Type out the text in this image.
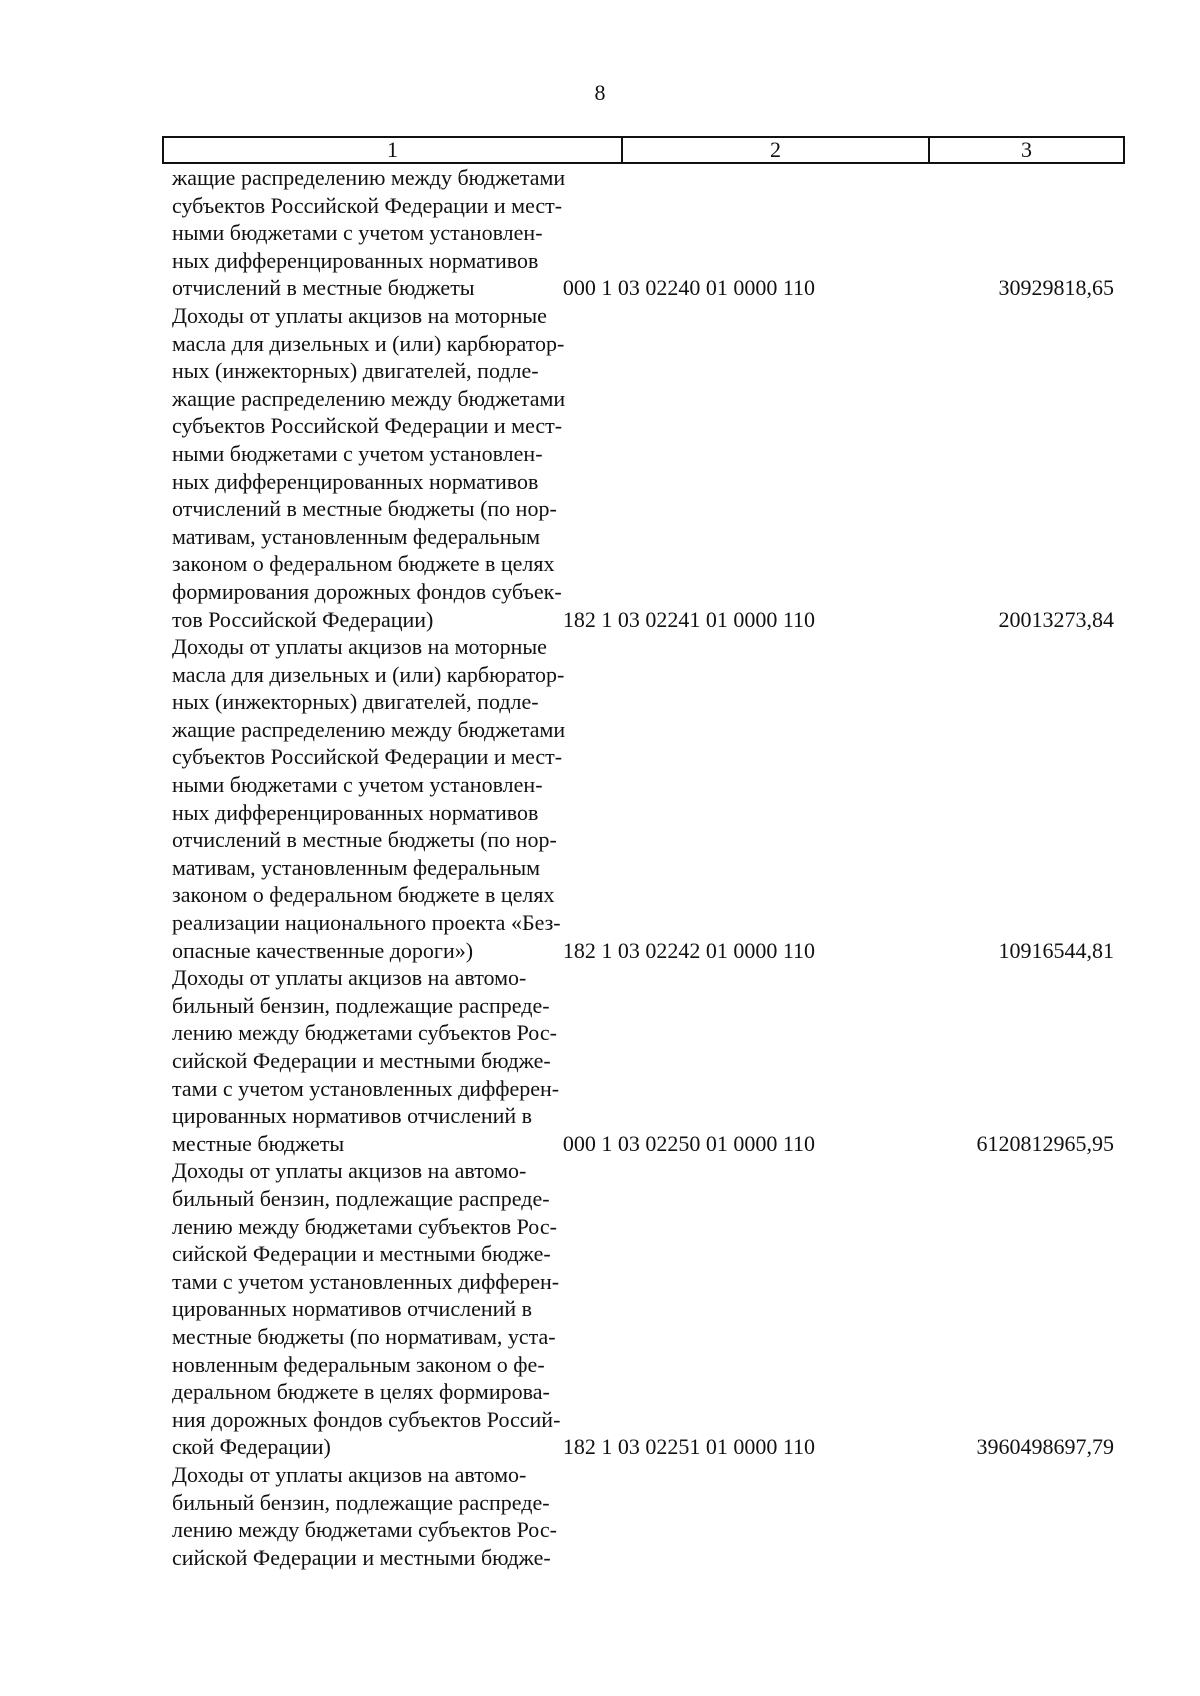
8
1	2	3
жащие распределению между бюджетами
субъектов Российской Федерации и мест-
ными бюджетами с учетом установлен-
ных дифференцированных нормативов
отчислений в местные бюджеты	000 1 03 02240 01 0000 110	30929818,65
Доходы от уплаты акцизов на моторные
масла для дизельных и (или) карбюратор-
ных (инжекторных) двигателей, подле-
жащие распределению между бюджетами
субъектов Российской Федерации и мест-
ными бюджетами с учетом установлен-
ных дифференцированных нормативов
отчислений в местные бюджеты (по нор-
мативам, установленным федеральным
законом о федеральном бюджете в целях
формирования дорожных фондов субъек-
тов Российской Федерации)	182 1 03 02241 01 0000 110	20013273,84
Доходы от уплаты акцизов на моторные
масла для дизельных и (или) карбюратор-
ных (инжекторных) двигателей, подле-
жащие распределению между бюджетами
субъектов Российской Федерации и мест-
ными бюджетами с учетом установлен-
ных дифференцированных нормативов
отчислений в местные бюджеты (по нор-
мативам, установленным федеральным
законом о федеральном бюджете в целях
реализации национального проекта «Без-
опасные качественные дороги»)	182 1 03 02242 01 0000 110	10916544,81
Доходы от уплаты акцизов на автомо-
бильный бензин, подлежащие распреде-
лению между бюджетами субъектов Рос-
сийской Федерации и местными бюдже-
тами с учетом установленных дифферен-
цированных нормативов отчислений в
местные бюджеты	000 1 03 02250 01 0000 110	6120812965,95
Доходы от уплаты акцизов на автомо-
бильный бензин, подлежащие распреде-
лению между бюджетами субъектов Рос-
сийской Федерации и местными бюдже-
тами с учетом установленных дифферен-
цированных нормативов отчислений в
местные бюджеты (по нормативам, уста-
новленным федеральным законом о фе-
деральном бюджете в целях формирова-
ния дорожных фондов субъектов Россий-
ской Федерации)	182 1 03 02251 01 0000 110	3960498697,79
Доходы от уплаты акцизов на автомо-
бильный бензин, подлежащие распреде-
лению между бюджетами субъектов Рос-
сийской Федерации и местными бюдже-
